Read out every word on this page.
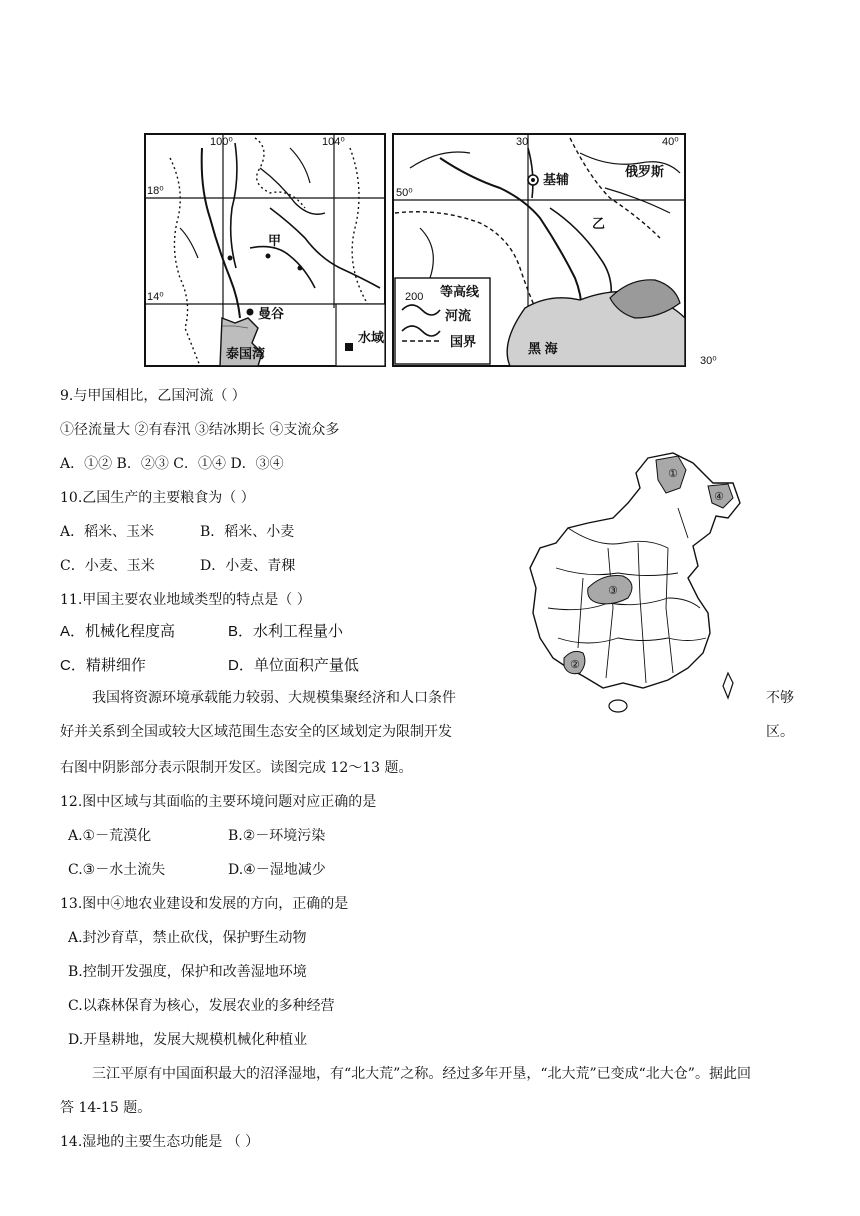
100⁰	104⁰
18⁰
14⁰
甲
曼谷
泰国湾
水域
30	40⁰
50⁰
30⁰
基辅
俄罗斯
乙
黑 海
200 等高线
河流
国界
①
②
③
④
9.与甲国相比，乙国河流（ ）
①径流量大 ②有春汛 ③结冰期长 ④支流众多
A．①② B．②③ C．①④ D．③④
10.乙国生产的主要粮食为（ ）
A．稻米、玉米	B．稻米、小麦
C．小麦、玉米	D．小麦、青稞
11.甲国主要农业地域类型的特点是（ ）
A．机械化程度高	B．水利工程量小
C．精耕细作	D．单位面积产量低
我国将资源环境承载能力较弱、大规模集聚经济和人口条件	不够
好并关系到全国或较大区域范围生态安全的区域划定为限制开发	区。
右图中阴影部分表示限制开发区。读图完成 12～13 题。
12.图中区域与其面临的主要环境问题对应正确的是
A.①－荒漠化	B.②－环境污染
C.③－水土流失	D.④－湿地减少
13.图中④地农业建设和发展的方向，正确的是
A.封沙育草，禁止砍伐，保护野生动物
B.控制开发强度，保护和改善湿地环境
C.以森林保育为核心，发展农业的多种经营
D.开垦耕地，发展大规模机械化种植业
三江平原有中国面积最大的沼泽湿地，有“北大荒”之称。经过多年开垦，“北大荒”已变成“北大仓”。据此回
答 14-15 题。
14.湿地的主要生态功能是 （ ）
